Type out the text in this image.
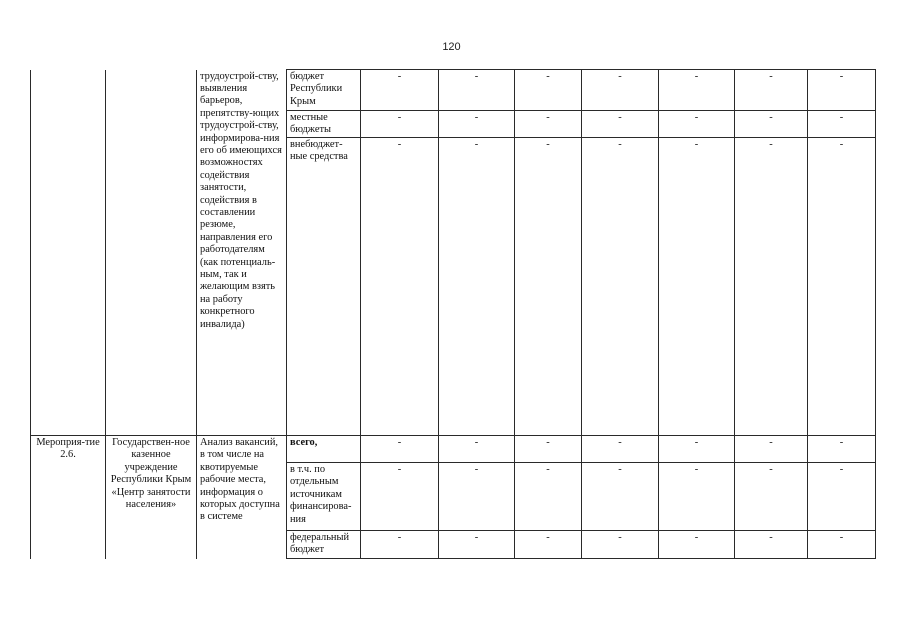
120
		трудоустрой-ству, выявления барьеров, препятству-ющих трудоустрой-ству, информирова-ния его об имеющихся возможностях содействия занятости, содействия в составлении резюме, направления его работодателям (как потенциаль-ным, так и желающим взять на работу конкретного инвалида)	бюджет Республики Крым	-	-	-	-	-	-	-
			местные бюджеты	-	-	-	-	-	-	-
			внебюджет-ные средства	-	-	-	-	-	-	-
Мероприя-тие 2.6.	Государствен-ное казенное учреждение Республики Крым «Центр занятости населения»	Анализ вакансий, в том числе на квотируемые рабочие места, информация о которых доступна в системе	всего,	-	-	-	-	-	-	-
			в т.ч. по отдельным источникам финансирова-ния	-	-	-	-	-	-	-
			федеральный бюджет	-	-	-	-	-	-	-
